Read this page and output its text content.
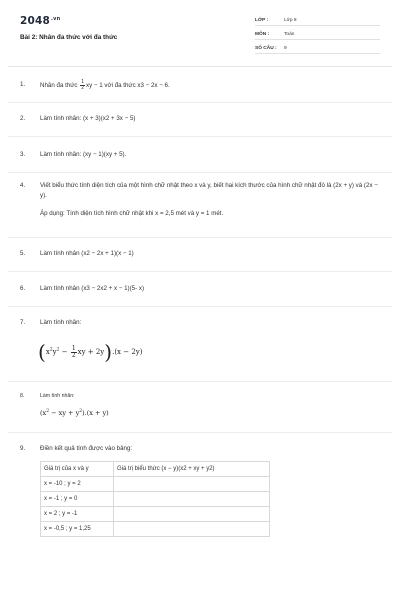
$2048^{.vn}$
Bài 2: Nhân đa thức với đa thức
LỚP :	Lớp 8
MÔN :	Toán
SỐ CÂU :	9
1.	Nhân đa thức $\frac{1}{2}$ xy − 1 với đa thức x3 − 2x − 6.
2.	Làm tính nhân: (x + 3)(x2 + 3x − 5)
3.	Làm tính nhân: (xy − 1)(xy + 5).
4.	Viết biểu thức tính diện tích của một hình chữ nhật theo x và y, biết hai kích thước của hình chữ nhật đó là (2x + y) và (2x − y).
Áp dụng: Tính diện tích hình chữ nhật khi x = 2,5 mét và y = 1 mét.
5.	Làm tính nhân (x2 − 2x + 1)(x − 1)
6.	Làm tính nhân (x3 − 2x2 + x − 1)(5- x)
7.	Làm tính nhân:
($x^2y^2 - \frac{1}{2}$ xy + 2y).(x − 2y)
8.	Làm tính nhân:
($x^2$ − xy + $y^2).(x + y)$
9.	Điền kết quả tính được vào bảng:
Giá trị của x và y	Giá trị biểu thức (x − y)(x2 + xy + y2)
x = -10 ; y = 2	
x = -1 ; y = 0	
x = 2 ; y = -1	
x = -0,5 ; y = 1,25	
